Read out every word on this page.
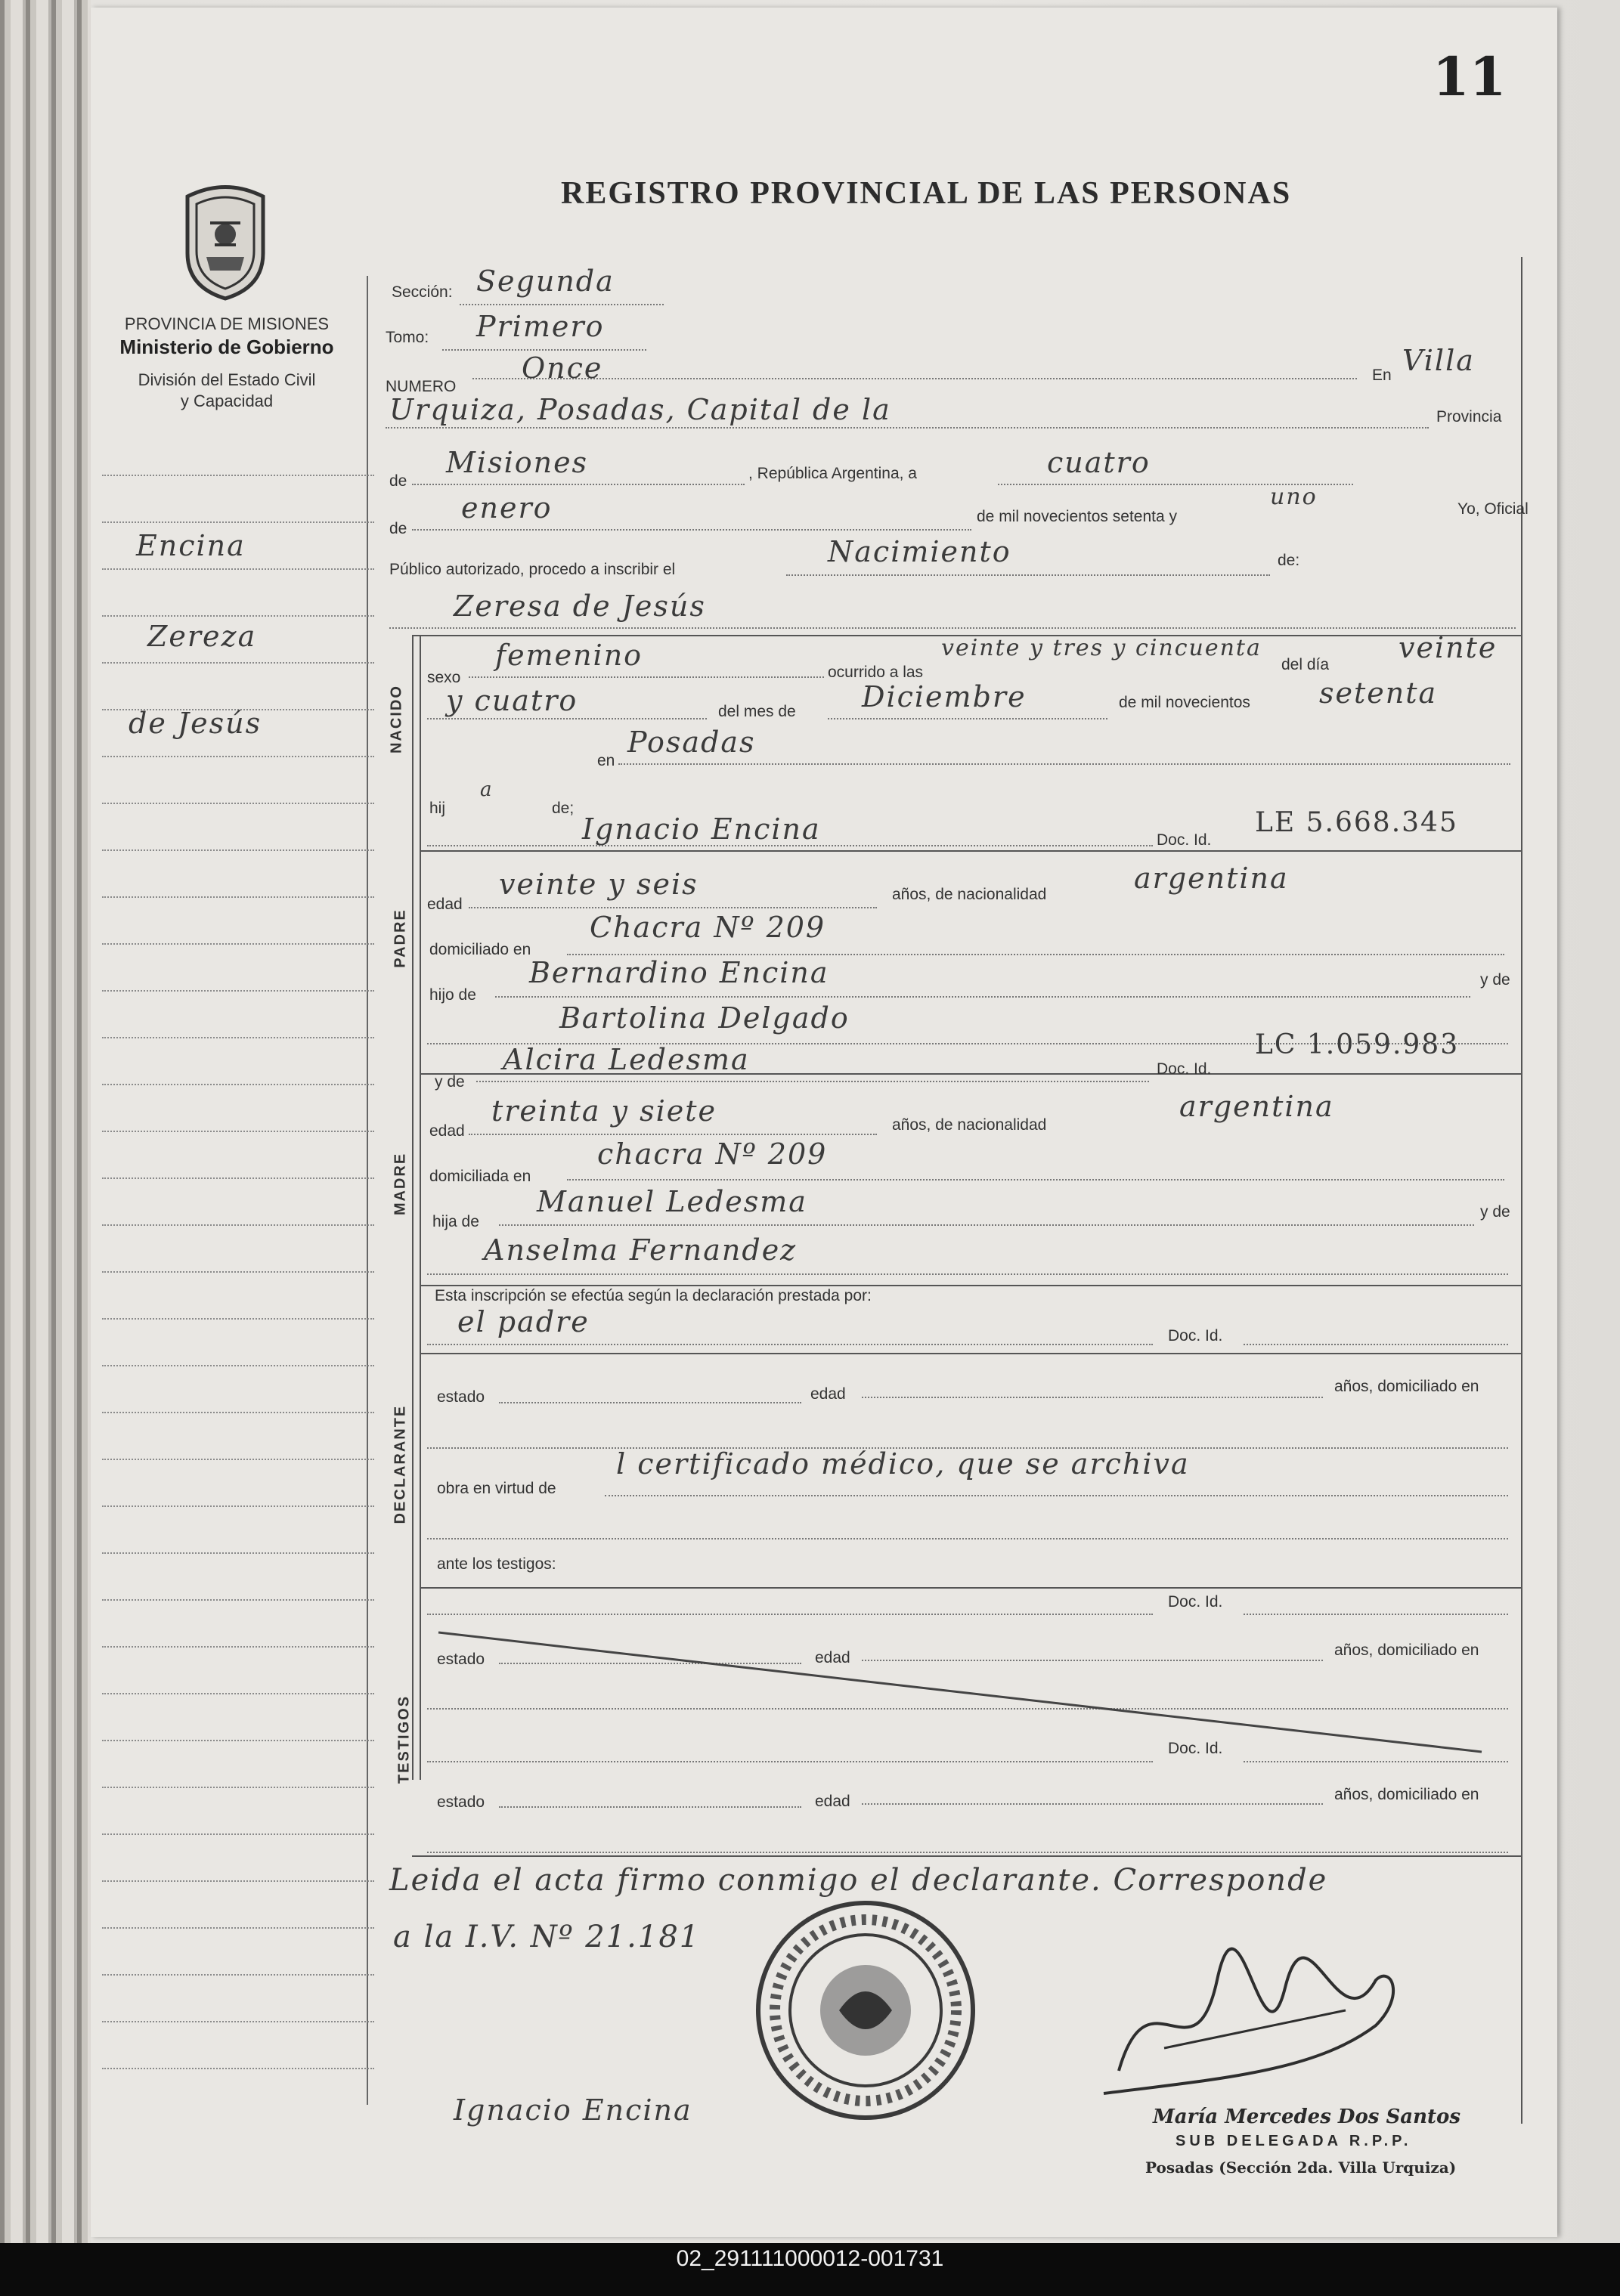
11
REGISTRO PROVINCIAL DE LAS PERSONAS
PROVINCIA DE MISIONES
Ministerio de Gobierno
División del Estado Civil
y Capacidad
Encina
Zereza
de Jesús
Sección: Segunda
Tomo: Primero
NUMERO
Once	En Villa
Urquiza, Posadas, Capital de la	Provincia
de
Misiones	, República Argentina, a	cuatro
de
enero	de mil novecientos setenta y
uno	Yo, Oficial
Público autorizado, procedo a inscribir el
Nacimiento	de:
Zeresa de Jesús
NACIDO
sexo
femenino
ocurrido a las
veinte y tres y cincuenta
del día
veinte
y cuatro	del mes de Diciembre	de mil novecientos setenta
en
Posadas
hij
a
de;
PADRE
Ignacio Encina	Doc. Id.
LE 5.668.345
edad
veinte y seis	años, de nacionalidad	argentina
domiciliado en
Chacra Nº 209
hijo de
Bernardino Encina	y de
Bartolina Delgado
MADRE
y de
Alcira Ledesma	Doc. Id.
LC 1.059.983
edad
treinta y siete	años, de nacionalidad
argentina
domiciliada en
chacra Nº 209
hija de
Manuel Ledesma	y de
Anselma Fernandez
Esta inscripción se efectúa según la declaración prestada por:
el padre	Doc. Id.
DECLARANTE
estado	edad	años, domiciliado en
obra en virtud de
l certificado médico, que se archiva
ante los testigos:
TESTIGOS
Doc. Id.
estado	edad	años, domiciliado en
Doc. Id.
estado	edad	años, domiciliado en
Leida el acta firmo conmigo el declarante. Corresponde
a la I.V. Nº 21.181
Ignacio Encina	María Mercedes Dos Santos
SUB DELEGADA R.P.P.
Posadas (Sección 2da. Villa Urquiza)
02_291111000012-001731
